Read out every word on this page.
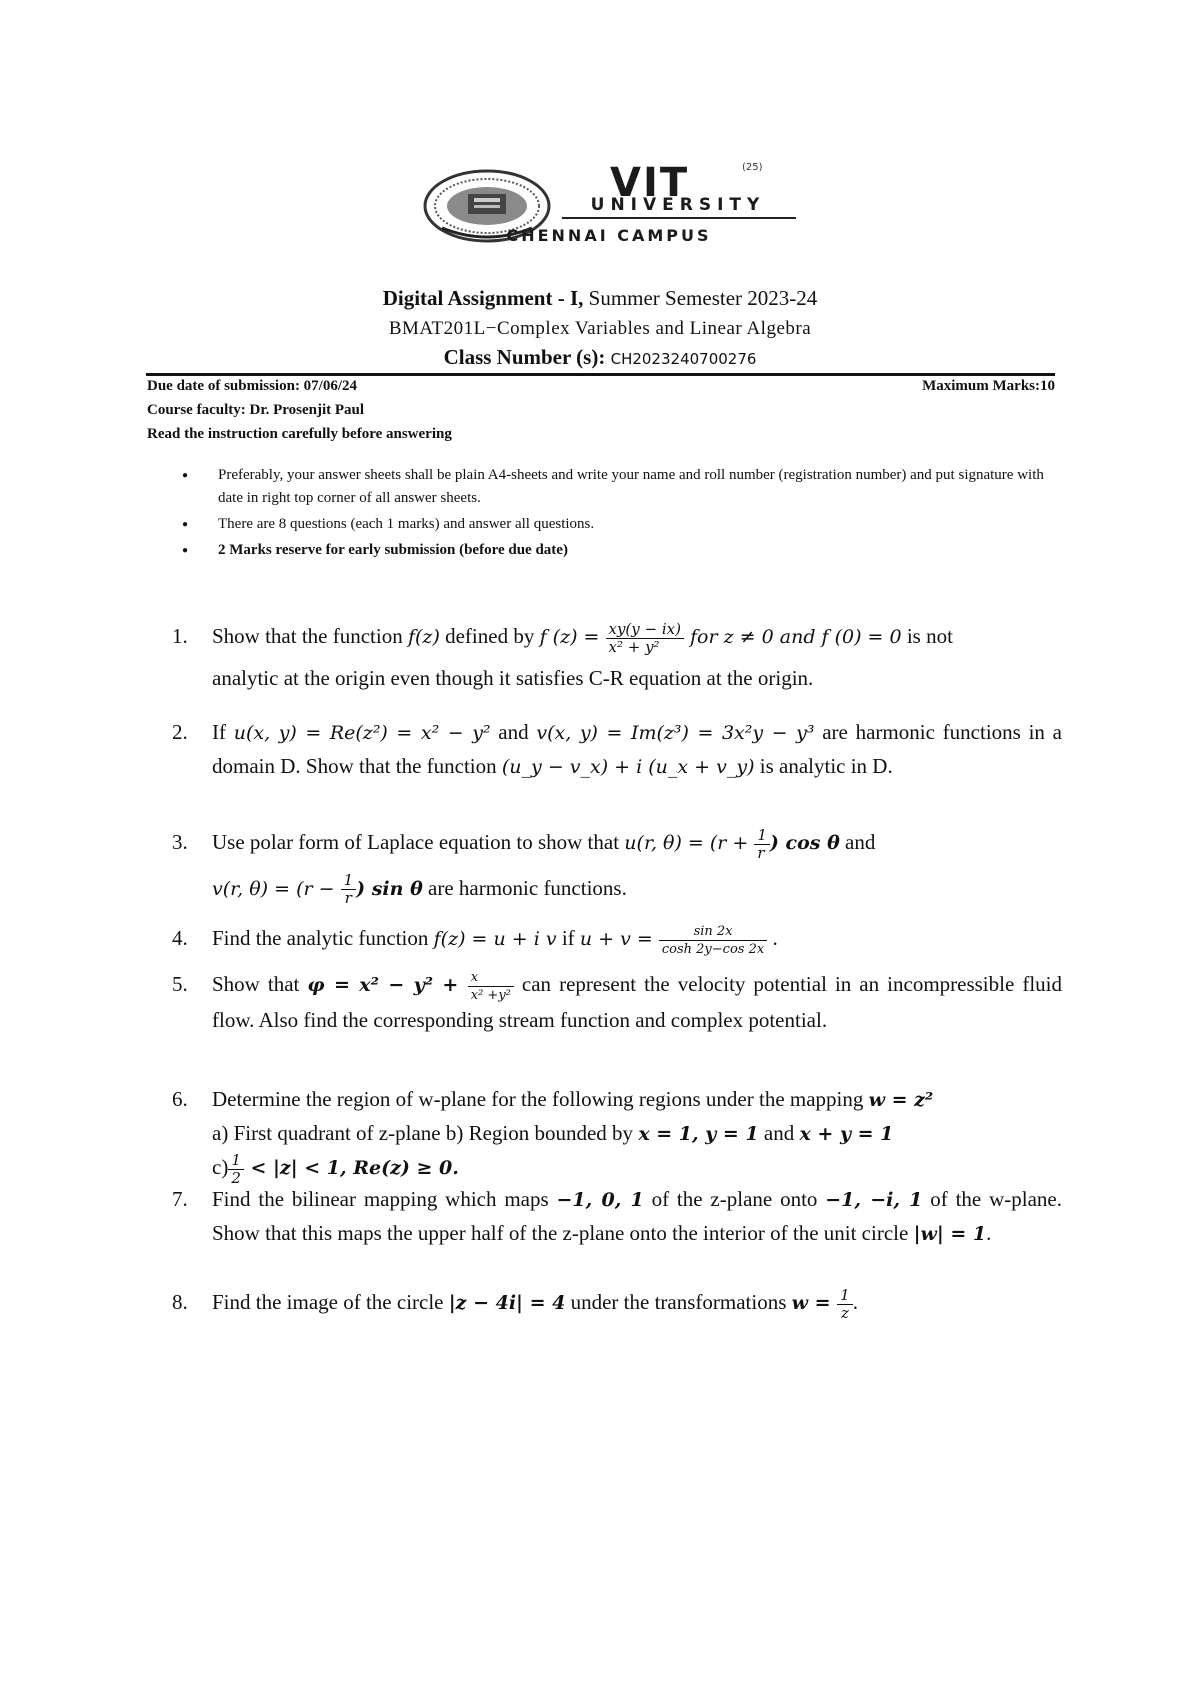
VIT	(25)
UNIVERSITY
CHENNAI CAMPUS
Digital Assignment - I, Summer Semester 2023-24
BMAT201L−Complex Variables and Linear Algebra
Class Number (s): CH2023240700276
Due date of submission: 07/06/24	Maximum Marks:10
Course faculty: Dr. Prosenjit Paul
Read the instruction carefully before answering
● Preferably, your answer sheets shall be plain A4-sheets and write your name and roll number (registration number) and put signature with date in right top corner of all answer sheets.
● There are 8 questions (each 1 marks) and answer all questions.
● 2 Marks reserve for early submission (before due date)
1.	Show that the function f(z) defined by f $(z) = \frac{xy(y - ix)}{\text{x² + y²}}$ for z ≠ 0 and f (0) = 0 is not
analytic at the origin even though it satisfies C-R equation at the origin.
2.	If u(x, y) = Re(z²) = x² − y² and v(x, y) = Im(z³) = 3x²y − y³ are harmonic functions in a domain D. Show that the function (u_y − v_x) + i (u_x + v_y) is analytic in D.
3.	Use polar form of Laplace equation to show that u(r, $\theta) = (r + \frac{1}{r}$ ) cos θ and
v(r, $\theta) = (r - \frac{1}{r}$ ) sin θ are harmonic functions.
4.	Find the analytic function f(z) = u + i v if $u + v = \frac{\sin 2x}{\cosh 2y-\cos 2x}$ .
5.	Show that $\varphi = x^2 - y^2 + \frac{x}{\text{x² +y²}}$ can represent the velocity potential in an incompressible fluid flow. Also find the corresponding stream function and complex potential.
6.	Determine the region of w-plane for the following regions under the mapping w = z²
a) First quadrant of z-plane b) Region bounded by x = 1, y = 1 and x + y = 1
$c) \frac{1}{2} < |z| < 1$, Re(z) ≥ 0.
7.	Find the bilinear mapping which maps −1, 0, 1 of the z-plane onto −1, −i, 1 of the w-plane. Show that this maps the upper half of the z-plane onto the interior of the unit circle |w| = 1.
8.	Find the image of the circle |z − 4i| = 4 under the transformations $w = \frac{1}{z}$ .
